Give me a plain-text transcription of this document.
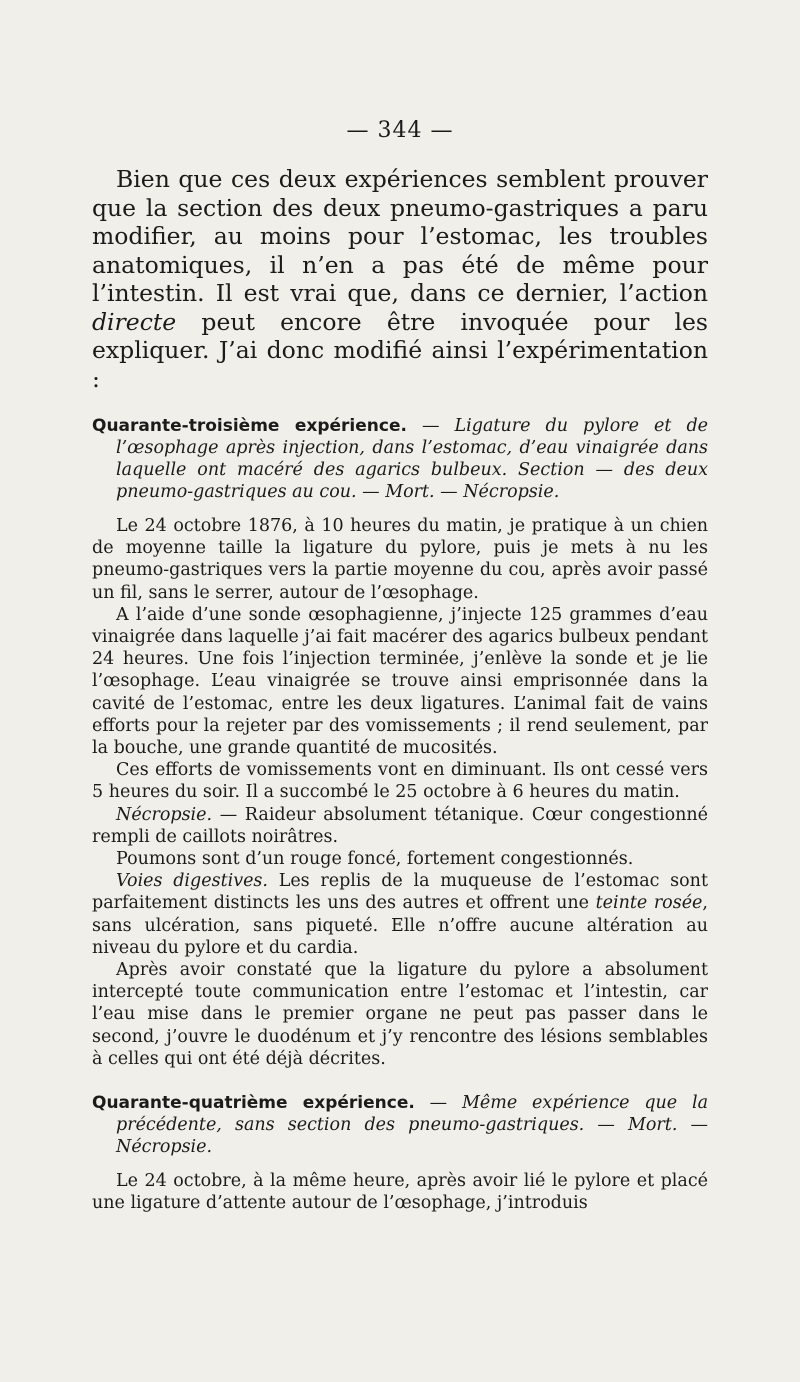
— 344 —

Bien que ces deux expériences semblent prouver que la section des deux pneumo-gastriques a paru modifier, au moins pour l’estomac, les troubles anatomiques, il n’en a pas été de même pour l’intestin. Il est vrai que, dans ce dernier, l’action directe peut encore être invoquée pour les expliquer. J’ai donc modifié ainsi l’expérimentation :

Quarante-troisième expérience. — Ligature du pylore et de l’œsophage après injection, dans l’estomac, d’eau vinaigrée dans laquelle ont macéré des agarics bulbeux. Section — des deux pneumo-gastriques au cou. — Mort. — Nécropsie.

Le 24 octobre 1876, à 10 heures du matin, je pratique à un chien de moyenne taille la ligature du pylore, puis je mets à nu les pneumo-gastriques vers la partie moyenne du cou, après avoir passé un fil, sans le serrer, autour de l’œsophage.

A l’aide d’une sonde œsophagienne, j’injecte 125 grammes d’eau vinaigrée dans laquelle j’ai fait macérer des agarics bulbeux pendant 24 heures. Une fois l’injection terminée, j’enlève la sonde et je lie l’œsophage. L’eau vinaigrée se trouve ainsi emprisonnée dans la cavité de l’estomac, entre les deux ligatures. L’animal fait de vains efforts pour la rejeter par des vomissements ; il rend seulement, par la bouche, une grande quantité de mucosités.

Ces efforts de vomissements vont en diminuant. Ils ont cessé vers 5 heures du soir. Il a succombé le 25 octobre à 6 heures du matin.

Nécropsie. — Raideur absolument tétanique. Cœur congestionné rempli de caillots noirâtres.

Poumons sont d’un rouge foncé, fortement congestionnés.

Voies digestives. Les replis de la muqueuse de l’estomac sont parfaitement distincts les uns des autres et offrent une teinte rosée, sans ulcération, sans piqueté. Elle n’offre aucune altération au niveau du pylore et du cardia.

Après avoir constaté que la ligature du pylore a absolument intercepté toute communication entre l’estomac et l’intestin, car l’eau mise dans le premier organe ne peut pas passer dans le second, j’ouvre le duodénum et j’y rencontre des lésions semblables à celles qui ont été déjà décrites.

Quarante-quatrième expérience. — Même expérience que la précédente, sans section des pneumo-gastriques. — Mort. — Nécropsie.

Le 24 octobre, à la même heure, après avoir lié le pylore et placé une ligature d’attente autour de l’œsophage, j’introduis
